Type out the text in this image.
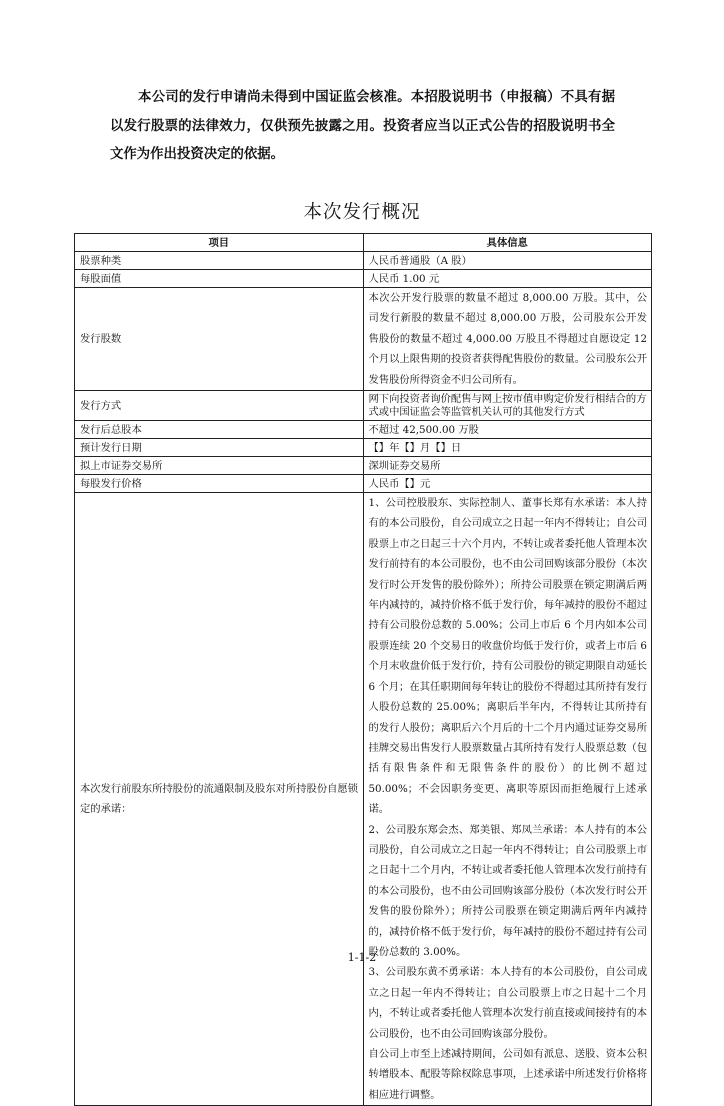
本公司的发行申请尚未得到中国证监会核准。本招股说明书（申报稿）不具有据以发行股票的法律效力，仅供预先披露之用。投资者应当以正式公告的招股说明书全文作为作出投资决定的依据。

本次发行概况
项目	具体信息
股票种类	人民币普通股（A 股）
每股面值	人民币 1.00 元
发行股数	本次公开发行股票的数量不超过 8,000.00 万股。其中，公司发行新股的数量不超过 8,000.00 万股，公司股东公开发售股份的数量不超过 4,000.00 万股且不得超过自愿设定 12 个月以上限售期的投资者获得配售股份的数量。公司股东公开发售股份所得资金不归公司所有。
发行方式	网下向投资者询价配售与网上按市值申购定价发行相结合的方式或中国证监会等监管机关认可的其他发行方式
发行后总股本	不超过 42,500.00 万股
预计发行日期	【】年【】月【】日
拟上市证券交易所	深圳证券交易所
每股发行价格	人民币【】元
本次发行前股东所持股份的流通限制及股东对所持股份自愿锁定的承诺：	1、公司控股股东、实际控制人、董事长郑有水承诺：本人持有的本公司股份，自公司成立之日起一年内不得转让；自公司股票上市之日起三十六个月内，不转让或者委托他人管理本次发行前持有的本公司股份，也不由公司回购该部分股份（本次发行时公开发售的股份除外）；所持公司股票在锁定期满后两年内减持的，减持价格不低于发行价，每年减持的股份不超过持有公司股份总数的 5.00%；公司上市后 6 个月内如本公司股票连续 20 个交易日的收盘价均低于发行价，或者上市后 6 个月末收盘价低于发行价，持有公司股份的锁定期限自动延长 6 个月；在其任职期间每年转让的股份不得超过其所持有发行人股份总数的 25.00%；离职后半年内，不得转让其所持有的发行人股份；离职后六个月后的十二个月内通过证券交易所挂牌交易出售发行人股票数量占其所持有发行人股票总数（包括有限售条件和无限售条件的股份）的比例不超过 50.00%；不会因职务变更、离职等原因而拒绝履行上述承诺。
2、公司股东郑会杰、郑美银、郑凤兰承诺：本人持有的本公司股份，自公司成立之日起一年内不得转让；自公司股票上市之日起十二个月内，不转让或者委托他人管理本次发行前持有的本公司股份，也不由公司回购该部分股份（本次发行时公开发售的股份除外）；所持公司股票在锁定期满后两年内减持的，减持价格不低于发行价，每年减持的股份不超过持有公司股份总数的 3.00%。
3、公司股东黄不勇承诺：本人持有的本公司股份，自公司成立之日起一年内不得转让；自公司股票上市之日起十二个月内，不转让或者委托他人管理本次发行前直接或间接持有的本公司股份，也不由公司回购该部分股份。
自公司上市至上述减持期间，公司如有派息、送股、资本公积转增股本、配股等除权除息事项，上述承诺中所述发行价格将相应进行调整。
1-1-2
